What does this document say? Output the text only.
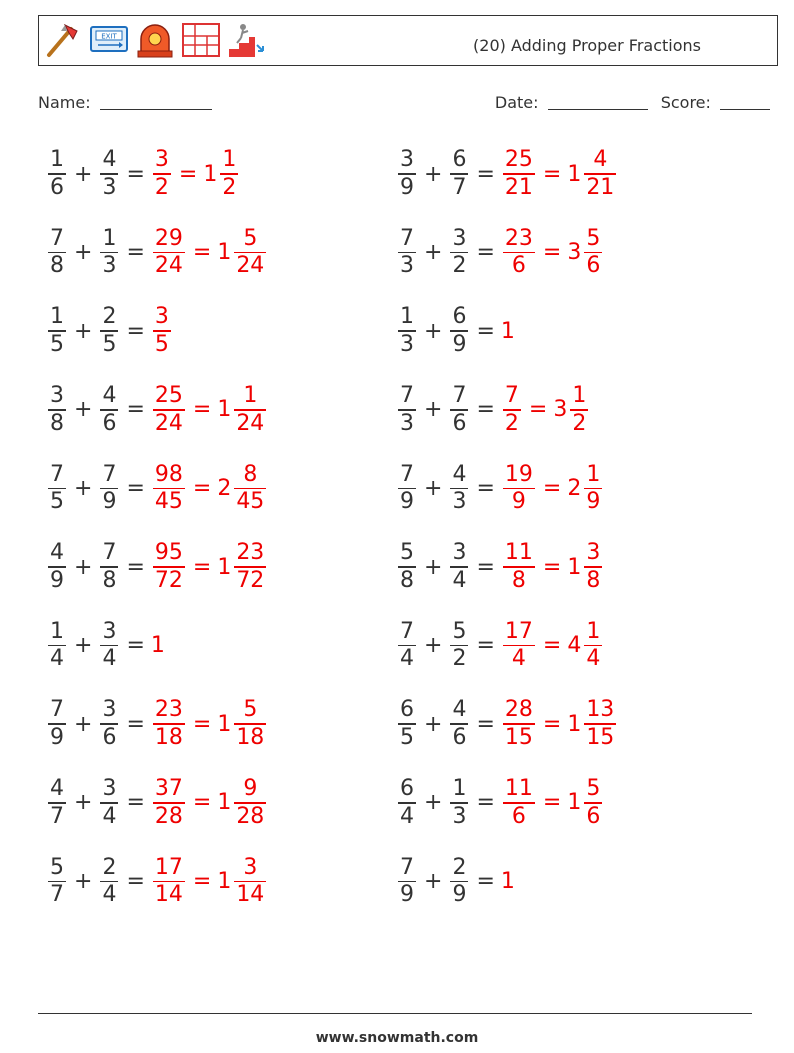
EXIT	(20) Adding Proper Fractions
Name:	Date:	Score:
$\frac{1}{6} + \frac{4}{3} = \frac{3}{2} = 1 \frac{1}{2}$	$\frac{3}{9} + \frac{6}{7} = \frac{25}{21} = 1 \frac{4}{21}$
$\frac{7}{8} + \frac{1}{3} = \frac{29}{24} = 1 \frac{5}{24}$	$\frac{7}{3} + \frac{3}{2} = \frac{23}{6} = 3 \frac{5}{6}$
$\frac{1}{5} + \frac{2}{5} = \frac{3}{5}$	$\frac{1}{3} + \frac{6}{9} = 1$
$\frac{3}{8} + \frac{4}{6} = \frac{25}{24} = 1 \frac{1}{24}$	$\frac{7}{3} + \frac{7}{6} = \frac{7}{2} = 3 \frac{1}{2}$
$\frac{7}{5} + \frac{7}{9} = \frac{98}{45} = 2 \frac{8}{45}$	$\frac{7}{9} + \frac{4}{3} = \frac{19}{9} = 2 \frac{1}{9}$
$\frac{4}{9} + \frac{7}{8} = \frac{95}{72} = 1 \frac{23}{72}$	$\frac{5}{8} + \frac{3}{4} = \frac{11}{8} = 1 \frac{3}{8}$
$\frac{1}{4} + \frac{3}{4} = 1$	$\frac{7}{4} + \frac{5}{2} = \frac{17}{4} = 4 \frac{1}{4}$
$\frac{7}{9} + \frac{3}{6} = \frac{23}{18} = 1 \frac{5}{18}$	$\frac{6}{5} + \frac{4}{6} = \frac{28}{15} = 1 \frac{13}{15}$
$\frac{4}{7} + \frac{3}{4} = \frac{37}{28} = 1 \frac{9}{28}$	$\frac{6}{4} + \frac{1}{3} = \frac{11}{6} = 1 \frac{5}{6}$
$\frac{5}{7} + \frac{2}{4} = \frac{17}{14} = 1 \frac{3}{14}$	$\frac{7}{9} + \frac{2}{9} = 1$
www.snowmath.com
